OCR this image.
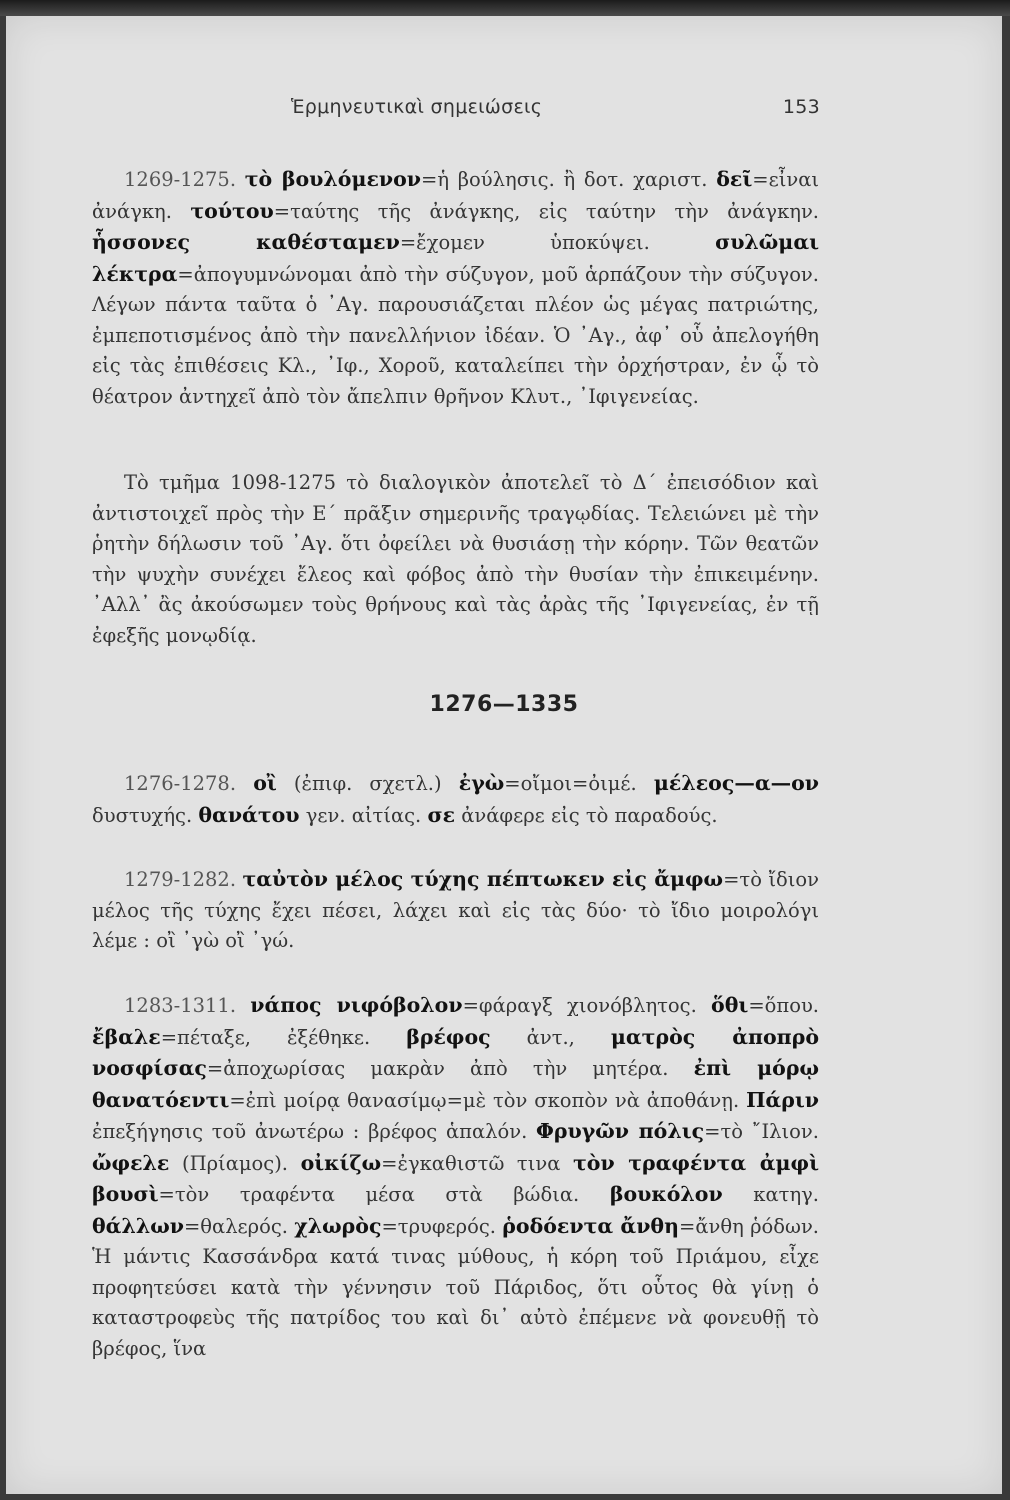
Ἑρμηνευτικαὶ σημειώσεις	153

1269-1275. τὸ βουλόμενον=ἡ βούλησις. ἢ δοτ. χαριστ. δεῖ=εἶναι ἀνάγκη. τούτου=ταύτης τῆς ἀνάγκης, εἰς ταύτην τὴν ἀνάγκην. ἧσσονες καθέσταμεν=ἔχομεν ὑποκύψει. συλῶμαι λέκτρα=ἀπογυμνώνομαι ἀπὸ τὴν σύζυγον, μοῦ ἁρπάζουν τὴν σύζυγον. Λέγων πάντα ταῦτα ὁ ᾿Αγ. παρουσιάζεται πλέον ὡς μέγας πατριώτης, ἐμπεποτισμένος ἀπὸ τὴν πανελλήνιον ἰδέαν. Ὁ ᾿Αγ., ἀφ᾿ οὗ ἀπελογήθη εἰς τὰς ἐπιθέσεις Κλ., ᾿Ιφ., Χοροῦ, καταλείπει τὴν ὀρχήστραν, ἐν ᾧ τὸ θέατρον ἀντηχεῖ ἀπὸ τὸν ἄπελπιν θρῆνον Κλυτ., ᾿Ιφιγενείας.

Τὸ τμῆμα 1098-1275 τὸ διαλογικὸν ἀποτελεῖ τὸ Δ΄ ἐπεισόδιον καὶ ἀντιστοιχεῖ πρὸς τὴν Ε΄ πρᾶξιν σημερινῆς τραγῳδίας. Τελειώνει μὲ τὴν ῥητὴν δήλωσιν τοῦ ᾿Αγ. ὅτι ὀφείλει νὰ θυσιάσῃ τὴν κόρην. Τῶν θεατῶν τὴν ψυχὴν συνέχει ἔλεος καὶ φόβος ἀπὸ τὴν θυσίαν τὴν ἐπικειμένην. ᾿Αλλ᾿ ἂς ἀκούσωμεν τοὺς θρήνους καὶ τὰς ἀρὰς τῆς ᾿Ιφιγενείας, ἐν τῇ ἐφεξῆς μονῳδίᾳ.

1276—1335

1276-1278. οἲ (ἐπιφ. σχετλ.) ἐγὼ=οἴμοι=ὀιμέ. μέλεος—α—ον δυστυχής. θανάτου γεν. αἰτίας. σε ἀνάφερε εἰς τὸ παραδούς.

1279-1282. ταὐτὸν μέλος τύχης πέπτωκεν εἰς ἄμφω=τὸ ἴδιον μέλος τῆς τύχης ἔχει πέσει, λάχει καὶ εἰς τὰς δύο· τὸ ἴδιο μοιρολόγι λέμε : οἲ ᾿γὼ οἲ ᾿γώ.

1283-1311. νάπος νιφόβολον=φάραγξ χιονόβλητος. ὅθι=ὅπου. ἔβαλε=πέταξε, ἐξέθηκε. βρέφος ἀντ., ματρὸς ἀποπρὸ νοσφίσας=ἀποχωρίσας μακρὰν ἀπὸ τὴν μητέρα. ἐπὶ μόρῳ θανατόεντι=ἐπὶ μοίρᾳ θανασίμῳ=μὲ τὸν σκοπὸν νὰ ἀποθάνῃ. Πάριν ἐπεξήγησις τοῦ ἀνωτέρω : βρέφος ἁπαλόν. Φρυγῶν πόλις=τὸ ῎Ιλιον. ὤφελε (Πρίαμος). οἰκίζω=ἐγκαθιστῶ τινα τὸν τραφέντα ἀμφὶ βουσὶ=τὸν τραφέντα μέσα στὰ βώδια. βουκόλον κατηγ. θάλλων=θαλερός. χλωρὸς=τρυφερός. ῥοδόεντα ἄνθη=ἄνθη ῥόδων. Ἡ μάντις Κασσάνδρα κατά τινας μύθους, ἡ κόρη τοῦ Πριάμου, εἶχε προφητεύσει κατὰ τὴν γέννησιν τοῦ Πάριδος, ὅτι οὗτος θὰ γίνῃ ὁ καταστροφεὺς τῆς πατρίδος του καὶ δι᾿ αὐτὸ ἐπέμενε νὰ φονευθῇ τὸ βρέφος, ἵνα
